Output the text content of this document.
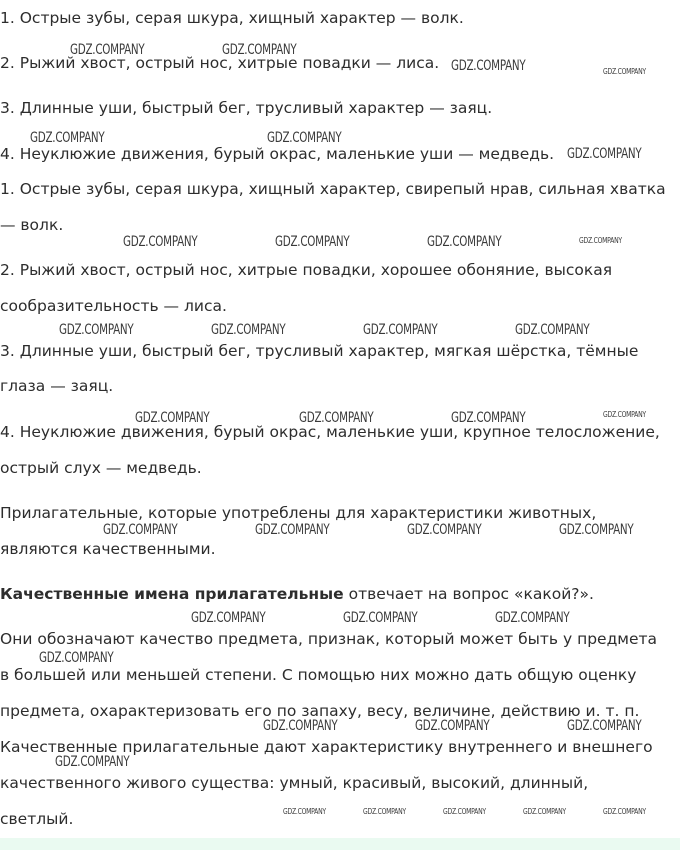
1. Острые зубы, серая шкура, хищный характер — волк.
2. Рыжий хвост, острый нос, хитрые повадки — лиса.
3. Длинные уши, быстрый бег, трусливый характер — заяц.
4. Неуклюжие движения, бурый окрас, маленькие уши — медведь.
1. Острые зубы, серая шкура, хищный характер, свирепый нрав, сильная хватка
— волк.
2. Рыжий хвост, острый нос, хитрые повадки, хорошее обоняние, высокая
сообразительность — лиса.
3. Длинные уши, быстрый бег, трусливый характер, мягкая шёрстка, тёмные
глаза — заяц.
4. Неуклюжие движения, бурый окрас, маленькие уши, крупное телосложение,
острый слух — медведь.
Прилагательные, которые употреблены для характеристики животных,
являются качественными.
Качественные имена прилагательные отвечает на вопрос «какой?».
Они обозначают качество предмета, признак, который может быть у предмета
в большей или меньшей степени. С помощью них можно дать общую оценку
предмета, охарактеризовать его по запаху, весу, величине, действию и. т. п.
Качественные прилагательные дают характеристику внутреннего и внешнего
качественного живого существа: умный, красивый, высокий, длинный,
светлый.
GDZ.COMPANY	GDZ.COMPANY
GDZ.COMPANY	GDZ.COMPANY
GDZ.COMPANY	GDZ.COMPANY
GDZ.COMPANY
GDZ.COMPANY	GDZ.COMPANY	GDZ.COMPANY	GDZ.COMPANY
GDZ.COMPANY	GDZ.COMPANY	GDZ.COMPANY	GDZ.COMPANY
GDZ.COMPANY	GDZ.COMPANY	GDZ.COMPANY	GDZ.COMPANY
GDZ.COMPANY	GDZ.COMPANY	GDZ.COMPANY	GDZ.COMPANY
GDZ.COMPANY	GDZ.COMPANY	GDZ.COMPANY
GDZ.COMPANY
GDZ.COMPANY	GDZ.COMPANY	GDZ.COMPANY
GDZ.COMPANY
GDZ.COMPANY	GDZ.COMPANY	GDZ.COMPANY	GDZ.COMPANY	GDZ.COMPANY
